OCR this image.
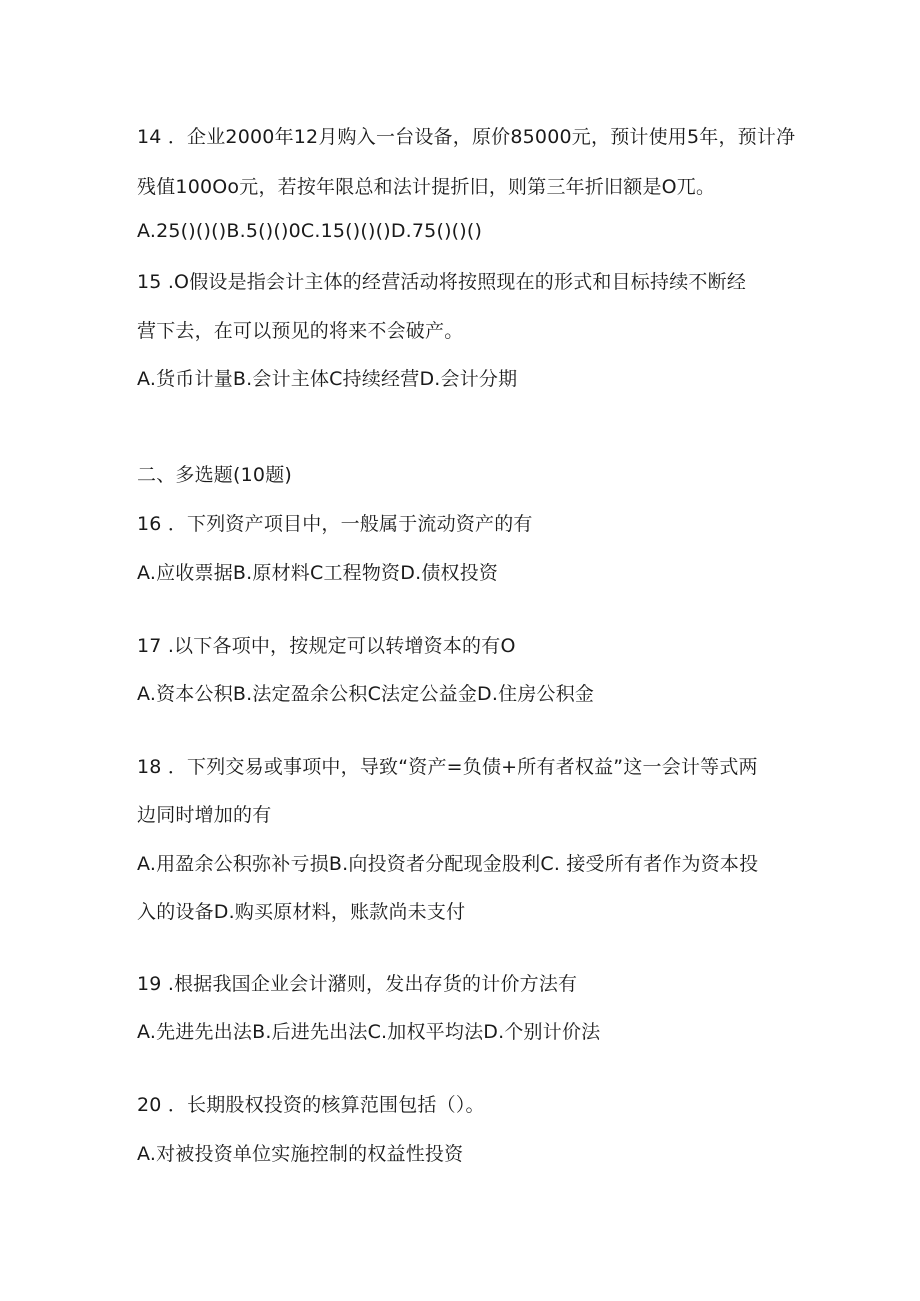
14 ．企业2000年12月购入一台设备，原价85000元，预计使用5年，预计净
残值100Oo元，若按年限总和法计提折旧，则第三年折旧额是O兀。
A.25()()()B.5()()0C.15()()()D.75()()()
15 .O假设是指会计主体的经营活动将按照现在的形式和目标持续不断经
营下去，在可以预见的将来不会破产。
A.货币计量B.会计主体C持续经营D.会计分期
二、多选题(10题)
16 ．下列资产项目中，一般属于流动资产的有
A.应收票据B.原材料C工程物资D.债权投资
17 .以下各项中，按规定可以转增资本的有O
A.资本公积B.法定盈余公积C法定公益金D.住房公积金
18 ．下列交易或事项中，导致“资产=负债+所有者权益”这一会计等式两
边同时增加的有
A.用盈余公积弥补亏损B.向投资者分配现金股利C. 接受所有者作为资本投
入的设备D.购买原材料，账款尚未支付
19 .根据我国企业会计潴则，发出存货的计价方法有
A.先进先出法B.后进先出法C.加权平均法D.个别计价法
20 ．长期股权投资的核算范围包括（）。
A.对被投资单位实施控制的权益性投资
